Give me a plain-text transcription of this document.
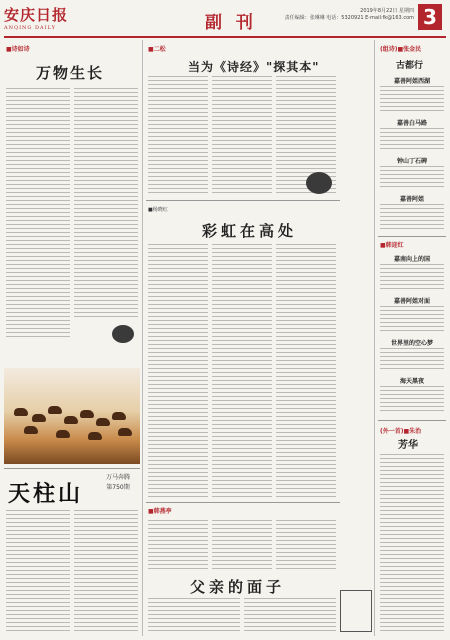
安庆日报
ANQING DAILY	副 刊
2019年8月22日 星期四
责任编辑：张琳琳 电话：5320921 E-mail:fk@163.com 3
■诗如诗
万物生长
天柱山
万马奔腾
第750期
■二松
当为《诗经》"探其本"
■杨晓红
彩虹在高处
■韩燕亭
父亲的面子
(组诗)■张金民
古都行
嘉善阿姐西湖
嘉善白马路
钟山丁石碑
嘉善阿姐
■韩迎红
嘉南向上的国
嘉善阿姐对面
世界里的空心梦
海天黑夜
(外一首)■朱治
芳华
